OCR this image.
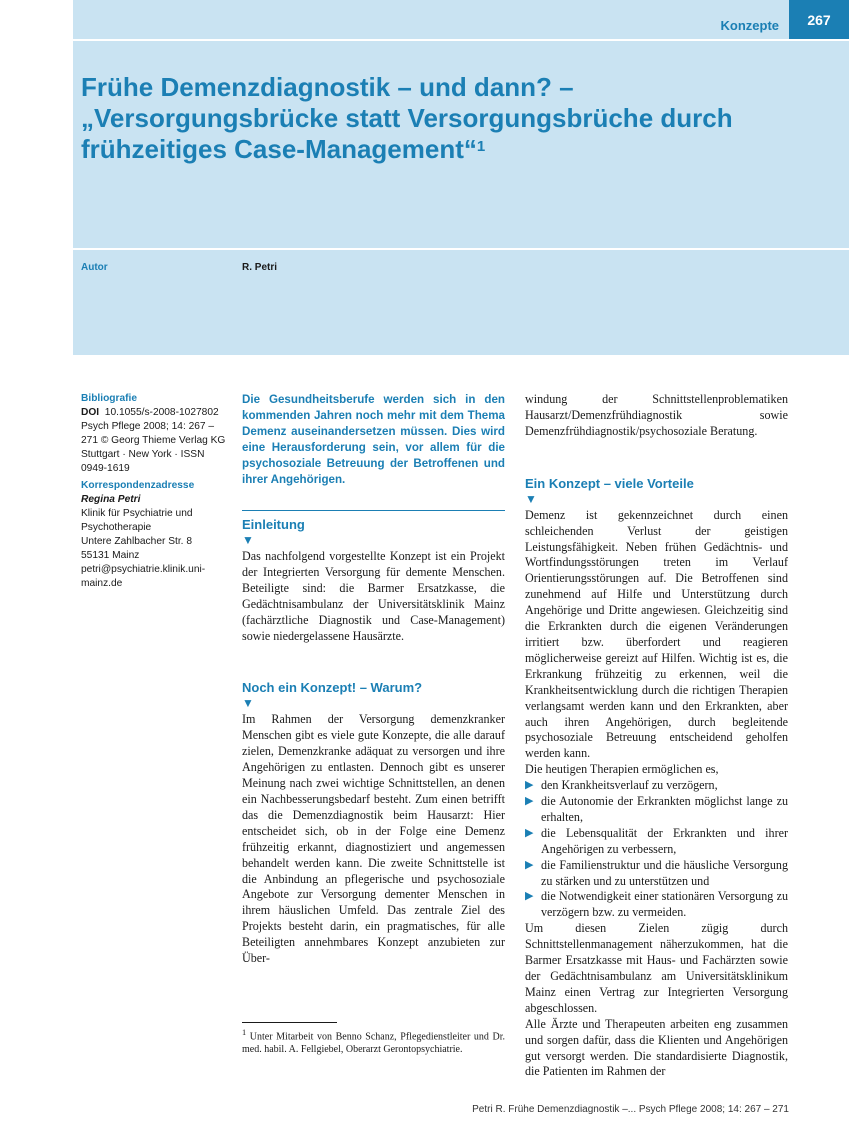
Konzepte	267
Frühe Demenzdiagnostik – und dann? – „Versorgungsbrücke statt Versorgungsbrüche durch frühzeitiges Case-Management“$^1$
Autor	R. Petri
Bibliografie
DOI 10.1055/s-2008-1027802
Psych Pflege 2008; 14: 267 – 271 © Georg Thieme Verlag KG Stuttgart · New York · ISSN 0949-1619
Korrespondenzadresse
Regina Petri
Klinik für Psychiatrie und
Psychotherapie
Untere Zahlbacher Str. 8
55131 Mainz
petri@psychiatrie.klinik.uni-
mainz.de

Die Gesundheitsberufe werden sich in den kommenden Jahren noch mehr mit dem Thema Demenz auseinandersetzen müssen. Dies wird eine Herausforderung sein, vor allem für die psychosoziale Betreuung der Betroffenen und ihrer Angehörigen.

Einleitung
▼

Das nachfolgend vorgestellte Konzept ist ein Projekt der Integrierten Versorgung für demente Menschen. Beteiligte sind: die Barmer Ersatzkasse, die Gedächtnisambulanz der Universitätsklinik Mainz (fachärztliche Diagnostik und Case-Management) sowie niedergelassene Hausärzte.

Noch ein Konzept! – Warum?
▼

Im Rahmen der Versorgung demenzkranker Menschen gibt es viele gute Konzepte, die alle darauf zielen, Demenzkranke adäquat zu versorgen und ihre Angehörigen zu entlasten. Dennoch gibt es unserer Meinung nach zwei wichtige Schnittstellen, an denen ein Nachbesserungsbedarf besteht. Zum einen betrifft das die Demenzdiagnostik beim Hausarzt: Hier entscheidet sich, ob in der Folge eine Demenz frühzeitig erkannt, diagnostiziert und angemessen behandelt werden kann. Die zweite Schnittstelle ist die Anbindung an pflegerische und psychosoziale Angebote zur Versorgung dementer Menschen in ihrem häuslichen Umfeld. Das zentrale Ziel des Projekts besteht darin, ein pragmatisches, für alle Beteiligten annehmbares Konzept anzubieten zur Über-

$^1$ Unter Mitarbeit von Benno Schanz, Pflegedienstleiter und Dr. med. habil. A. Fellgiebel, Oberarzt Gerontopsychiatrie.

windung der Schnittstellenproblematiken Hausarzt/Demenzfrühdiagnostik sowie Demenzfrühdiagnostik/psychosoziale Beratung.

Ein Konzept – viele Vorteile
▼

Demenz ist gekennzeichnet durch einen schleichenden Verlust der geistigen Leistungsfähigkeit. Neben frühen Gedächtnis- und Wortfindungsstörungen treten im Verlauf Orientierungsstörungen auf. Die Betroffenen sind zunehmend auf Hilfe und Unterstützung durch Angehörige und Dritte angewiesen. Gleichzeitig sind die Erkrankten durch die eigenen Veränderungen irritiert bzw. überfordert und reagieren möglicherweise gereizt auf Hilfen. Wichtig ist es, die Erkrankung frühzeitig zu erkennen, weil die Krankheitsentwicklung durch die richtigen Therapien verlangsamt werden kann und den Erkrankten, aber auch ihren Angehörigen, durch begleitende psychosoziale Betreuung entscheidend geholfen werden kann.

Die heutigen Therapien ermöglichen es,

▶ den Krankheitsverlauf zu verzögern,
▶ die Autonomie der Erkrankten möglichst lange zu erhalten,
▶ die Lebensqualität der Erkrankten und ihrer Angehörigen zu verbessern,
▶ die Familienstruktur und die häusliche Versorgung zu stärken und zu unterstützen und
▶ die Notwendigkeit einer stationären Versorgung zu verzögern bzw. zu vermeiden.

Um diesen Zielen zügig durch Schnittstellenmanagement näherzukommen, hat die Barmer Ersatzkasse mit Haus- und Fachärzten sowie der Gedächtnisambulanz am Universitätsklinikum Mainz einen Vertrag zur Integrierten Versorgung abgeschlossen.

Alle Ärzte und Therapeuten arbeiten eng zusammen und sorgen dafür, dass die Klienten und Angehörigen gut versorgt werden. Die standardisierte Diagnostik, die Patienten im Rahmen der

Petri R. Frühe Demenzdiagnostik –... Psych Pflege 2008; 14: 267 – 271
